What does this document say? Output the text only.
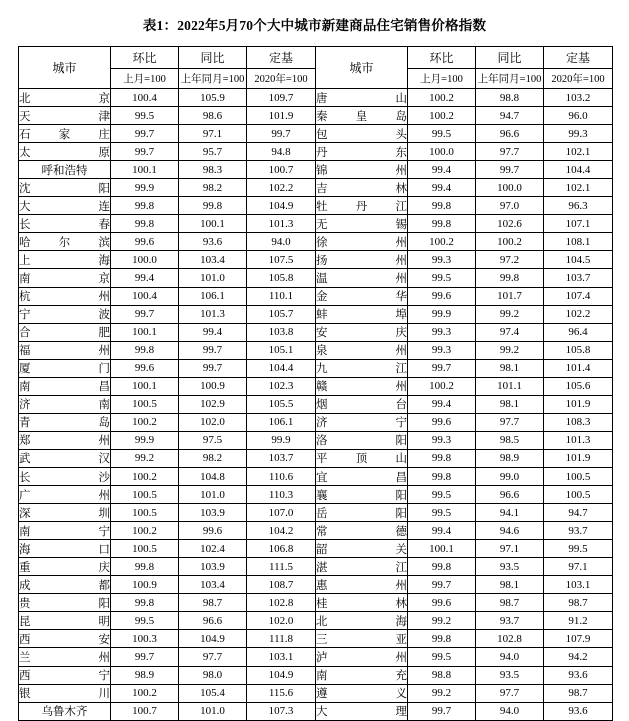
表1：2022年5月70个大中城市新建商品住宅销售价格指数
城市	环比	同比	定基	城市	环比	同比	定基
	上月=100	上年同月=100	2020年=100		上月=100	上年同月=100	2020年=100

北 京	100.4	105.9	109.7	唐 山	100.2	98.8	103.2

天 津	99.5	98.6	101.9	秦 皇 岛	100.2	94.7	96.0

石 家 庄	99.7	97.1	99.7	包 头	99.5	96.6	99.3

太 原	99.7	95.7	94.8	丹 东	100.0	97.7	102.1

呼和浩特	100.1	98.3	100.7	锦 州	99.4	99.7	104.4

沈 阳	99.9	98.2	102.2	吉 林	99.4	100.0	102.1

大 连	99.8	99.8	104.9	牡 丹 江	99.8	97.0	96.3

长 春	99.8	100.1	101.3	无 锡	99.8	102.6	107.1

哈 尔 滨	99.6	93.6	94.0	徐 州	100.2	100.2	108.1

上 海	100.0	103.4	107.5	扬 州	99.3	97.2	104.5

南 京	99.4	101.0	105.8	温 州	99.5	99.8	103.7

杭 州	100.4	106.1	110.1	金 华	99.6	101.7	107.4

宁 波	99.7	101.3	105.7	蚌 埠	99.9	99.2	102.2

合 肥	100.1	99.4	103.8	安 庆	99.3	97.4	96.4

福 州	99.8	99.7	105.1	泉 州	99.3	99.2	105.8

厦 门	99.6	99.7	104.4	九 江	99.7	98.1	101.4

南 昌	100.1	100.9	102.3	赣 州	100.2	101.1	105.6

济 南	100.5	102.9	105.5	烟 台	99.4	98.1	101.9

青 岛	100.2	102.0	106.1	济 宁	99.6	97.7	108.3

郑 州	99.9	97.5	99.9	洛 阳	99.3	98.5	101.3

武 汉	99.2	98.2	103.7	平 顶 山	99.8	98.9	101.9

长 沙	100.2	104.8	110.6	宜 昌	99.8	99.0	100.5

广 州	100.5	101.0	110.3	襄 阳	99.5	96.6	100.5

深 圳	100.5	103.9	107.0	岳 阳	99.5	94.1	94.7

南 宁	100.2	99.6	104.2	常 德	99.4	94.6	93.7

海 口	100.5	102.4	106.8	韶 关	100.1	97.1	99.5

重 庆	99.8	103.9	111.5	湛 江	99.8	93.5	97.1

成 都	100.9	103.4	108.7	惠 州	99.7	98.1	103.1

贵 阳	99.8	98.7	102.8	桂 林	99.6	98.7	98.7

昆 明	99.5	96.6	102.0	北 海	99.2	93.7	91.2

西 安	100.3	104.9	111.8	三 亚	99.8	102.8	107.9

兰 州	99.7	97.7	103.1	泸 州	99.5	94.0	94.2

西 宁	98.9	98.0	104.9	南 充	98.8	93.5	93.6

银 川	100.2	105.4	115.6	遵 义	99.2	97.7	98.7

乌鲁木齐	100.7	101.0	107.3	大 理	99.7	94.0	93.6
